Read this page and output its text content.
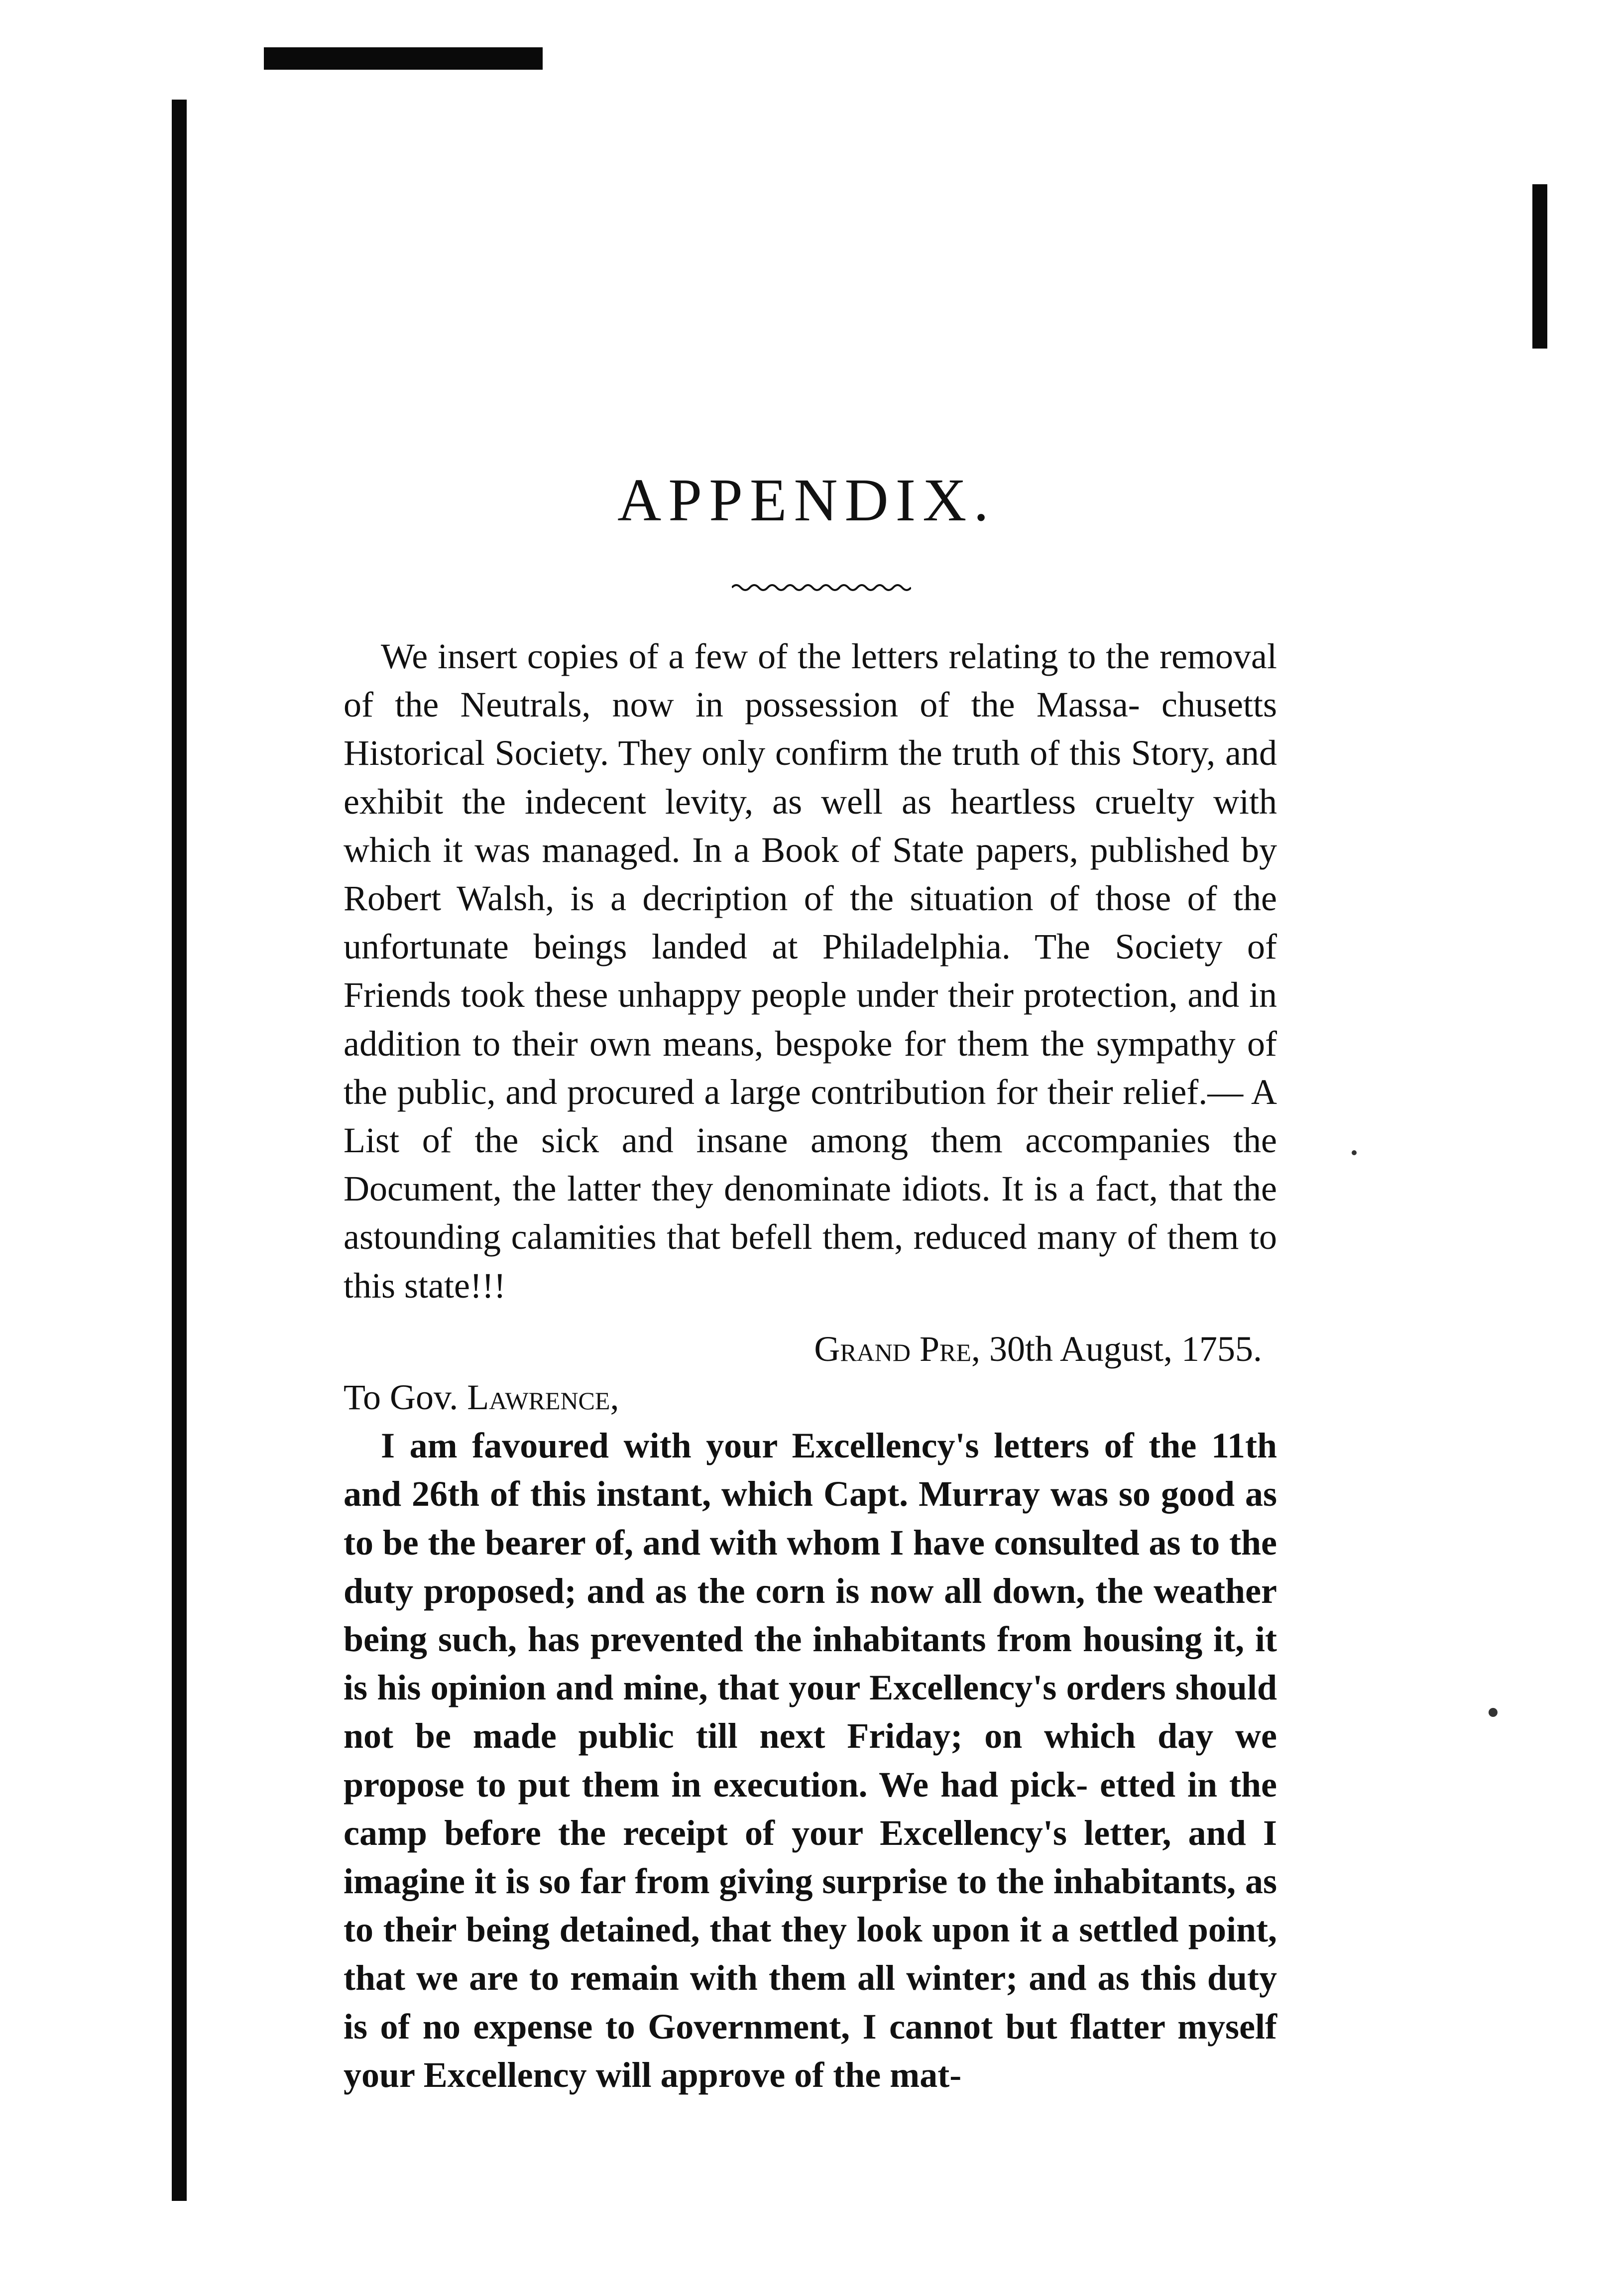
APPENDIX.

We insert copies of a few of the letters relating to the removal of the Neutrals, now in possession of the Massa- chusetts Historical Society. They only confirm the truth of this Story, and exhibit the indecent levity, as well as heartless cruelty with which it was managed. In a Book of State papers, published by Robert Walsh, is a decription of the situation of those of the unfortunate beings landed at Philadelphia. The Society of Friends took these unhappy people under their protection, and in addition to their own means, bespoke for them the sympathy of the public, and procured a large contribution for their relief.— A List of the sick and insane among them accompanies the Document, the latter they denominate idiots. It is a fact, that the astounding calamities that befell them, reduced many of them to this state!!!

Grand Pre, 30th August, 1755.

To Gov. Lawrence,

I am favoured with your Excellency's letters of the 11th and 26th of this instant, which Capt. Murray was so good as to be the bearer of, and with whom I have consulted as to the duty proposed; and as the corn is now all down, the weather being such, has prevented the inhabitants from housing it, it is his opinion and mine, that your Excellency's orders should not be made public till next Friday; on which day we propose to put them in execution. We had pick- etted in the camp before the receipt of your Excellency's letter, and I imagine it is so far from giving surprise to the inhabitants, as to their being detained, that they look upon it a settled point, that we are to remain with them all winter; and as this duty is of no expense to Government, I cannot but flatter myself your Excellency will approve of the mat-
